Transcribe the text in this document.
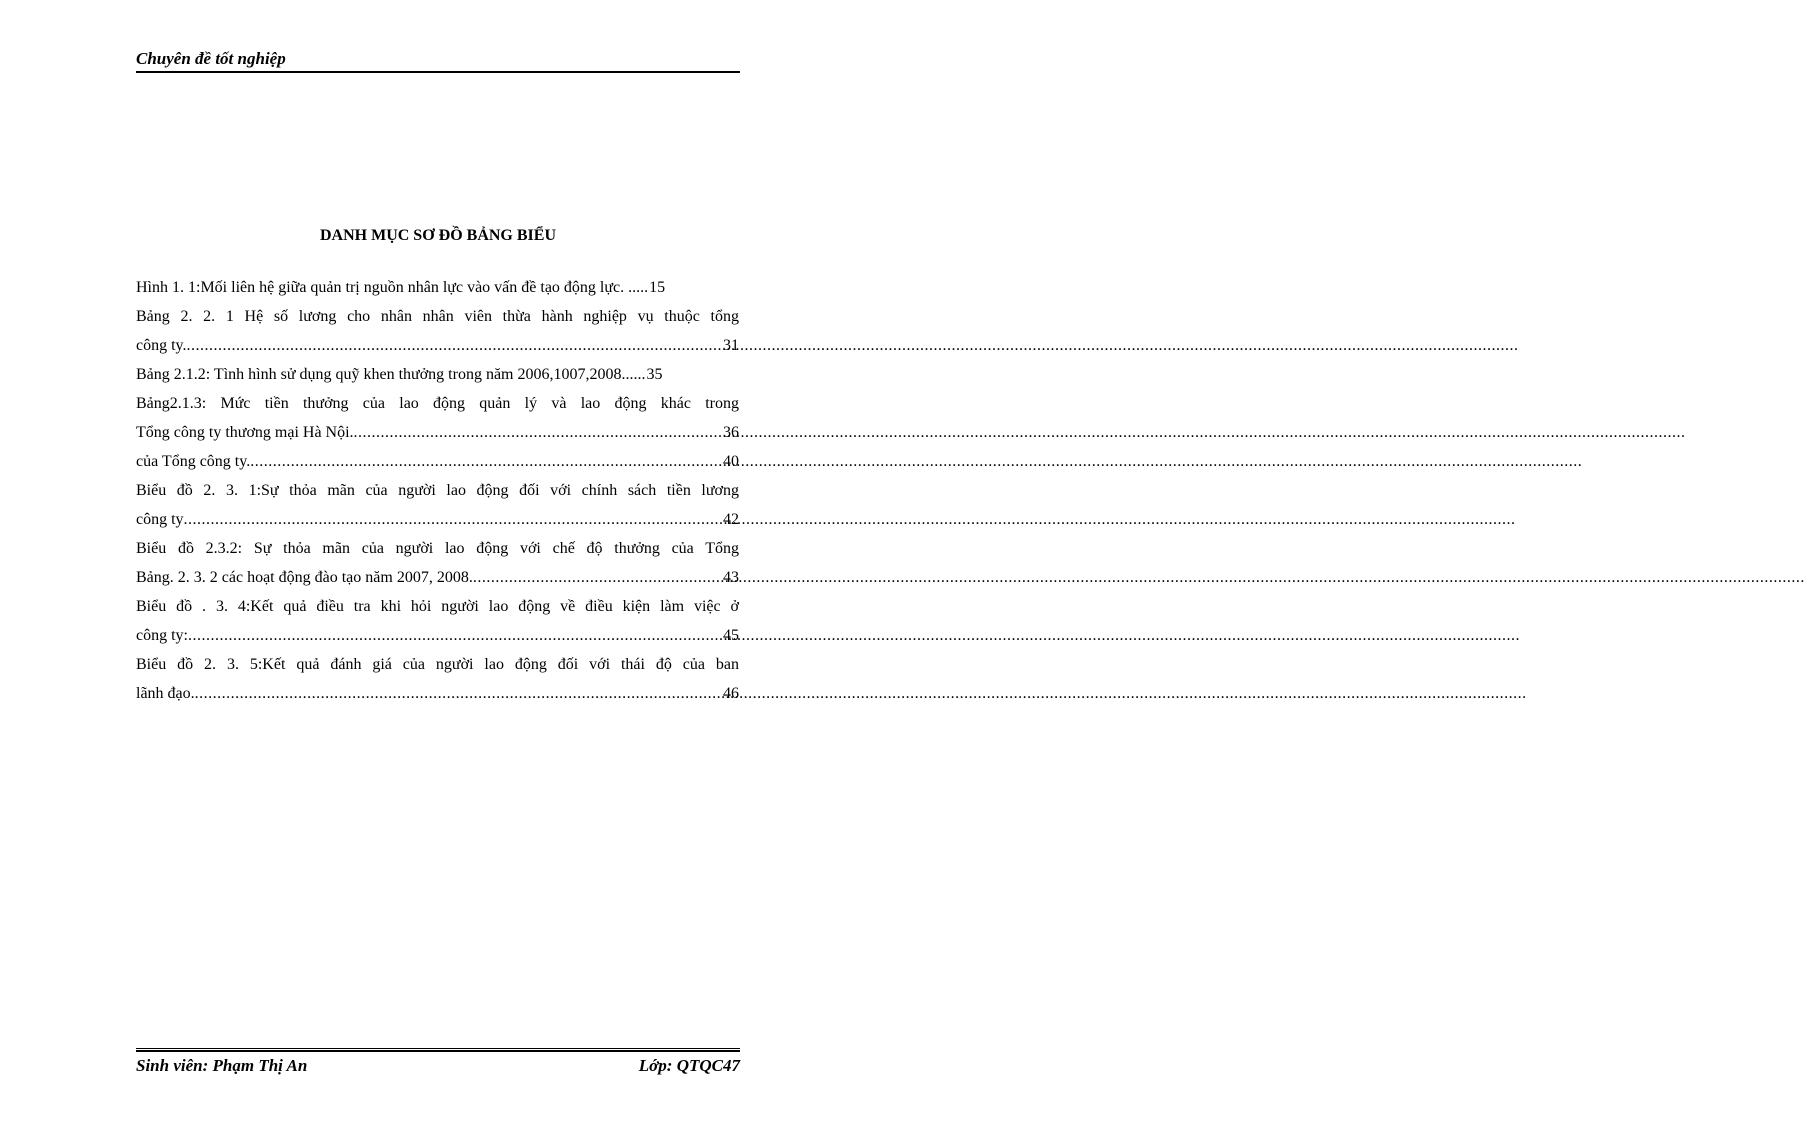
Chuyên đề tốt nghiệp
DANH MỤC SƠ ĐỒ BẢNG BIỂU
Hình 1. 1:Mối liên hệ giữa quản trị nguồn nhân lực vào vấn đề tạo động lực. ..... 15
Bảng 2. 2. 1 Hệ số lương cho nhân nhân viên thừa hành nghiệp vụ thuộc tổng
công ty. .....	31
Bảng 2.1.2: Tình hình sử dụng quỹ khen thưởng trong năm 2006,1007,2008...... 35
Bảng2.1.3: Mức tiền thưởng của lao động quản lý và lao động khác trong
Tổng công ty thương mại Hà Nội. .....	36
của Tổng công ty. .....	40
Biểu đồ 2. 3. 1:Sự thỏa mãn của người lao động đối với chính sách tiền lương
công ty .....	42
Biểu đồ 2.3.2: Sự thỏa mãn của người lao động với chế độ thưởng của Tổng
Bảng. 2. 3. 2 các hoạt động đào tạo năm 2007, 2008. .....	43
Biểu đồ . 3. 4:Kết quả điều tra khi hỏi người lao động về điều kiện làm việc ở
công ty: .....	45
Biểu đồ 2. 3. 5:Kết quả đánh giá của người lao động đối với thái độ của ban
lãnh đạo. .....	46
Sinh viên: Phạm Thị An	Lớp: QTQC47
